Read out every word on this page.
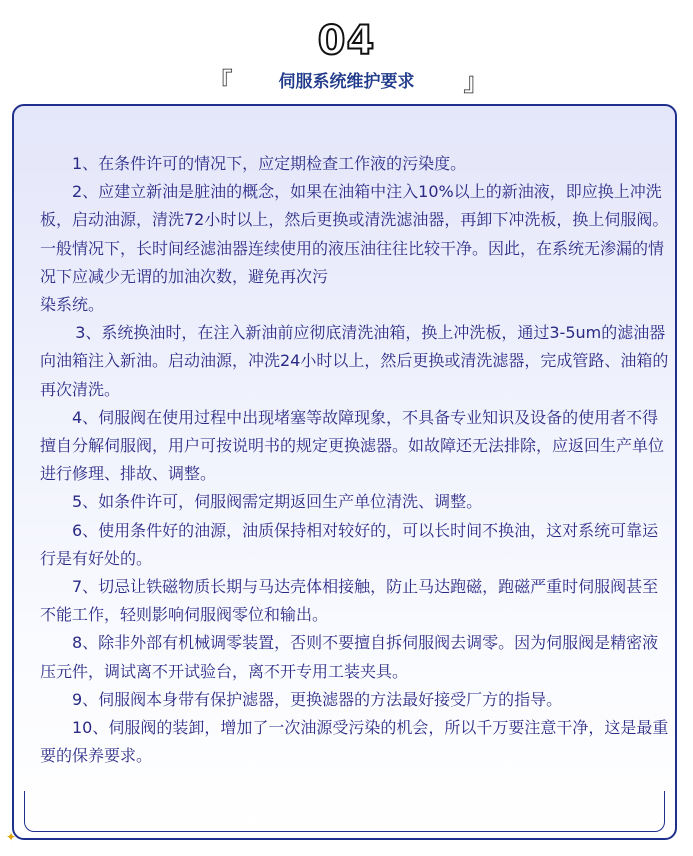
04
『	伺服系统维护要求	』

1、在条件许可的情况下，应定期检查工作液的污染度。

2、应建立新油是脏油的概念，如果在油箱中注入10%以上的新油液，即应换上冲洗板，启动油源，清洗72小时以上，然后更换或清洗滤油器，再卸下冲洗板，换上伺服阀。一般情况下，长时间经滤油器连续使用的液压油往往比较干净。因此，在系统无渗漏的情况下应减少无谓的加油次数，避免再次污

染系统。

3、系统换油时，在注入新油前应彻底清洗油箱，换上冲洗板，通过3-5um的滤油器向油箱注入新油。启动油源，冲洗24小时以上，然后更换或清洗滤器，完成管路、油箱的再次清洗。

4、伺服阀在使用过程中出现堵塞等故障现象，不具备专业知识及设备的使用者不得擅自分解伺服阀，用户可按说明书的规定更换滤器。如故障还无法排除，应返回生产单位进行修理、排故、调整。

5、如条件许可，伺服阀需定期返回生产单位清洗、调整。

6、使用条件好的油源，油质保持相对较好的，可以长时间不换油，这对系统可靠运行是有好处的。

7、切忌让铁磁物质长期与马达壳体相接触，防止马达跑磁，跑磁严重时伺服阀甚至不能工作，轻则影响伺服阀零位和输出。

8、除非外部有机械调零装置，否则不要擅自拆伺服阀去调零。因为伺服阀是精密液压元件，调试离不开试验台，离不开专用工装夹具。

9、伺服阀本身带有保护滤器，更换滤器的方法最好接受厂方的指导。

10、伺服阀的装卸，增加了一次油源受污染的机会，所以千万要注意干净，这是最重要的保养要求。

✦
